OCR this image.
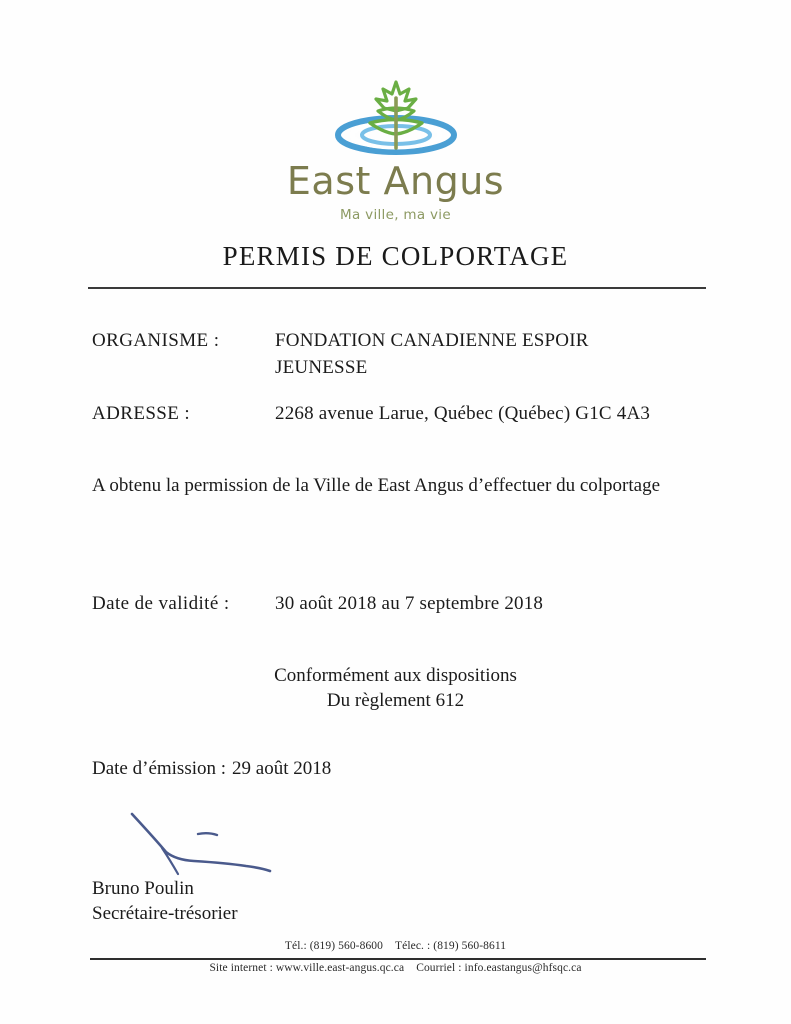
East Angus
Ma ville, ma vie
PERMIS DE COLPORTAGE
ORGANISME :	FONDATION CANADIENNE ESPOIR
JEUNESSE
ADRESSE :	2268 avenue Larue, Québec (Québec) G1C 4A3
A obtenu la permission de la Ville de East Angus d’effectuer du colportage
Date de validité : 30 août 2018 au 7 septembre 2018
Conformément aux dispositions
Du règlement 612
Date d’émission : 29 août 2018
Bruno Poulin
Secrétaire-trésorier
Tél.: (819) 560-8600 Télec. : (819) 560-8611
Site internet : www.ville.east-angus.qc.ca Courriel : info.eastangus@hfsqc.ca
